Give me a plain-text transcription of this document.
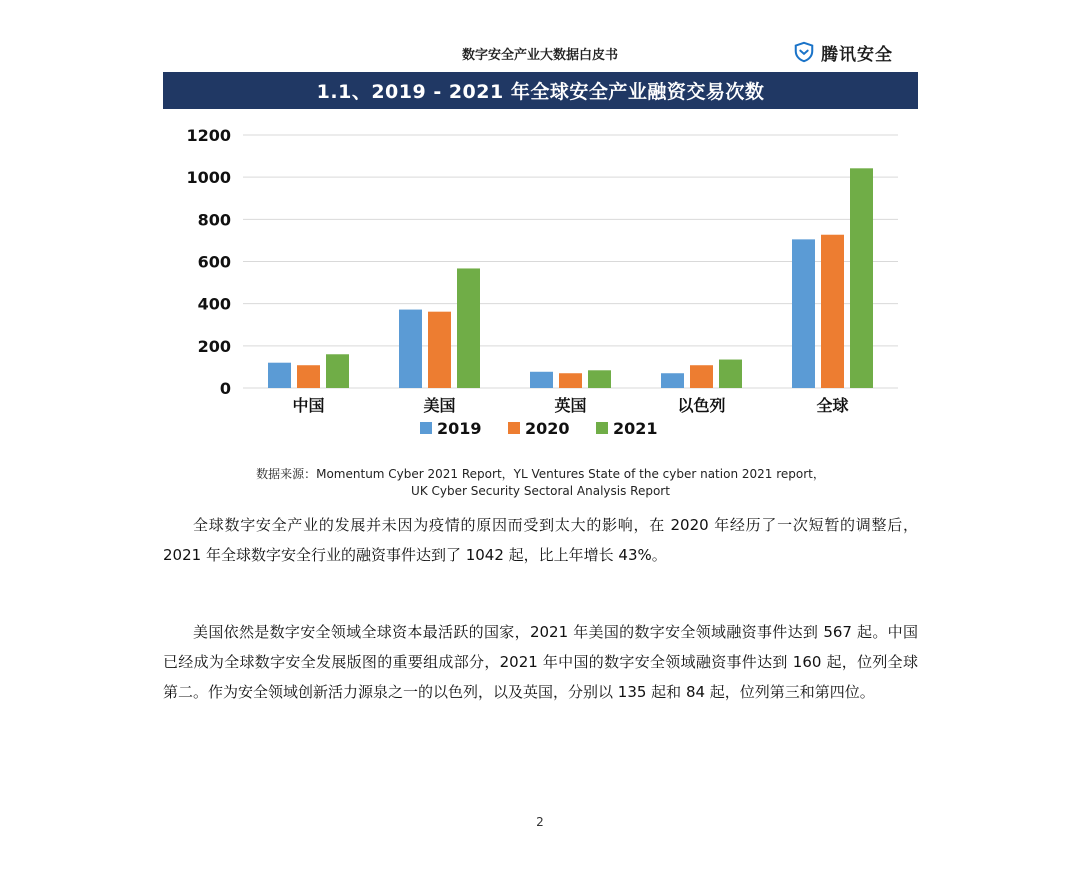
数字安全产业大数据白皮书	腾讯安全
1.1、2019 - 2021 年全球安全产业融资交易次数
0
200
400
600
800
1000
1200
中国	美国	英国	以色列	全球
2019	2020	2021
数据来源：Momentum Cyber 2021 Report，YL Ventures State of the cyber nation 2021 report，
UK Cyber Security Sectoral Analysis Report
全球数字安全产业的发展并未因为疫情的原因而受到太大的影响，在 2020 年经历了一次短暂的调整后，2021 年全球数字安全行业的融资事件达到了 1042 起，比上年增长 43%。
美国依然是数字安全领域全球资本最活跃的国家，2021 年美国的数字安全领域融资事件达到 567 起。中国已经成为全球数字安全发展版图的重要组成部分，2021 年中国的数字安全领域融资事件达到 160 起，位列全球第二。作为安全领域创新活力源泉之一的以色列，以及英国，分别以 135 起和 84 起，位列第三和第四位。
2
